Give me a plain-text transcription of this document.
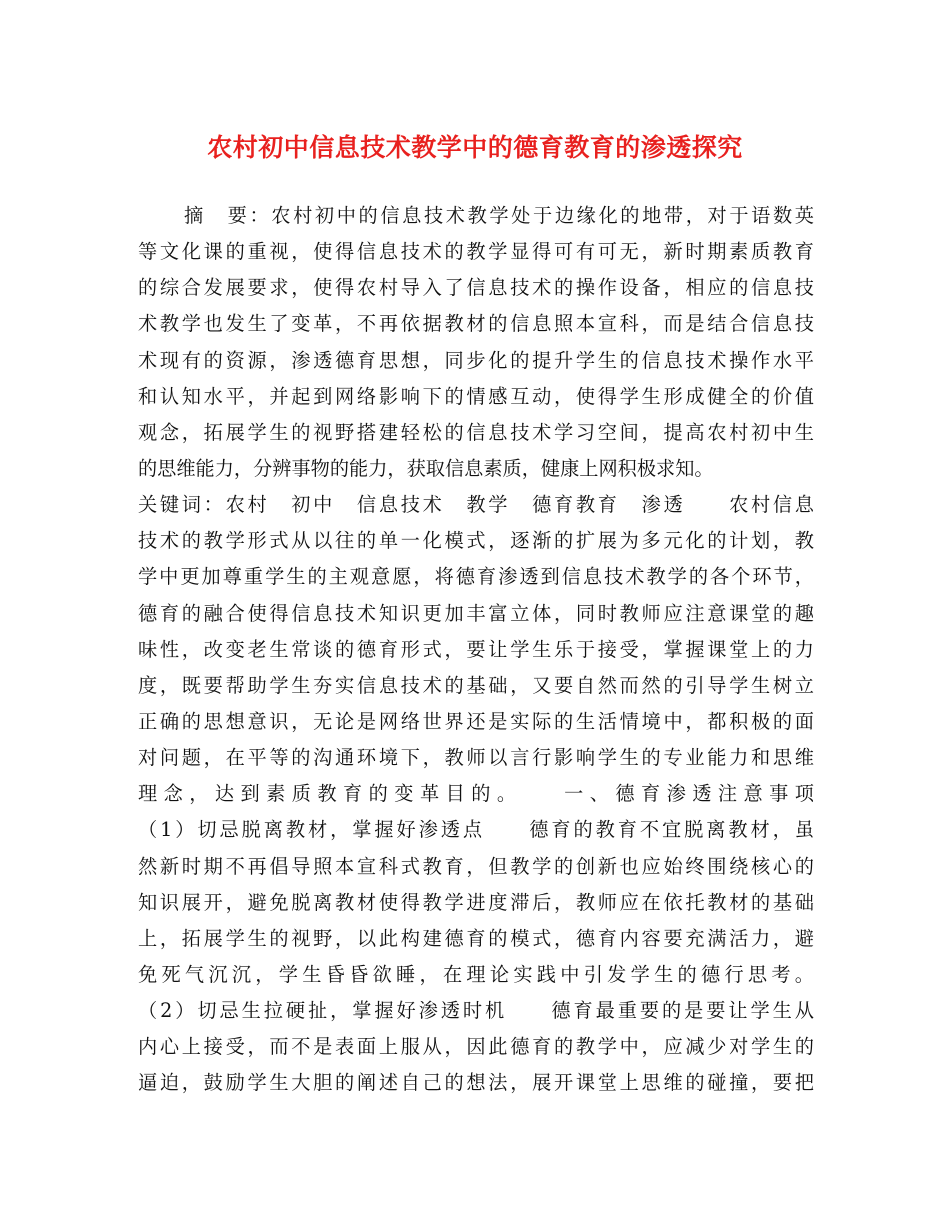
农村初中信息技术教学中的德育教育的渗透探究
摘　要：农村初中的信息技术教学处于边缘化的地带，对于语数英
等文化课的重视，使得信息技术的教学显得可有可无，新时期素质教育
的综合发展要求，使得农村导入了信息技术的操作设备，相应的信息技
术教学也发生了变革，不再依据教材的信息照本宣科，而是结合信息技
术现有的资源，渗透德育思想，同步化的提升学生的信息技术操作水平
和认知水平，并起到网络影响下的情感互动，使得学生形成健全的价值
观念，拓展学生的视野搭建轻松的信息技术学习空间，提高农村初中生
的思维能力，分辨事物的能力，获取信息素质，健康上网积极求知。
关键词：农村　初中　信息技术　教学　德育教育　渗透　　农村信息
技术的教学形式从以往的单一化模式，逐渐的扩展为多元化的计划，教
学中更加尊重学生的主观意愿，将德育渗透到信息技术教学的各个环节，
德育的融合使得信息技术知识更加丰富立体，同时教师应注意课堂的趣
味性，改变老生常谈的德育形式，要让学生乐于接受，掌握课堂上的力
度，既要帮助学生夯实信息技术的基础，又要自然而然的引导学生树立
正确的思想意识，无论是网络世界还是实际的生活情境中，都积极的面
对问题，在平等的沟通环境下，教师以言行影响学生的专业能力和思维
理念，达到素质教育的变革目的。　　一、德育渗透注意事项
（1）切忌脱离教材，掌握好渗透点　　德育的教育不宜脱离教材，虽
然新时期不再倡导照本宣科式教育，但教学的创新也应始终围绕核心的
知识展开，避免脱离教材使得教学进度滞后，教师应在依托教材的基础
上，拓展学生的视野，以此构建德育的模式，德育内容要充满活力，避
免死气沉沉，学生昏昏欲睡，在理论实践中引发学生的德行思考。
（2）切忌生拉硬扯，掌握好渗透时机　　德育最重要的是要让学生从
内心上接受，而不是表面上服从，因此德育的教学中，应减少对学生的
逼迫，鼓励学生大胆的阐述自己的想法，展开课堂上思维的碰撞，要把
